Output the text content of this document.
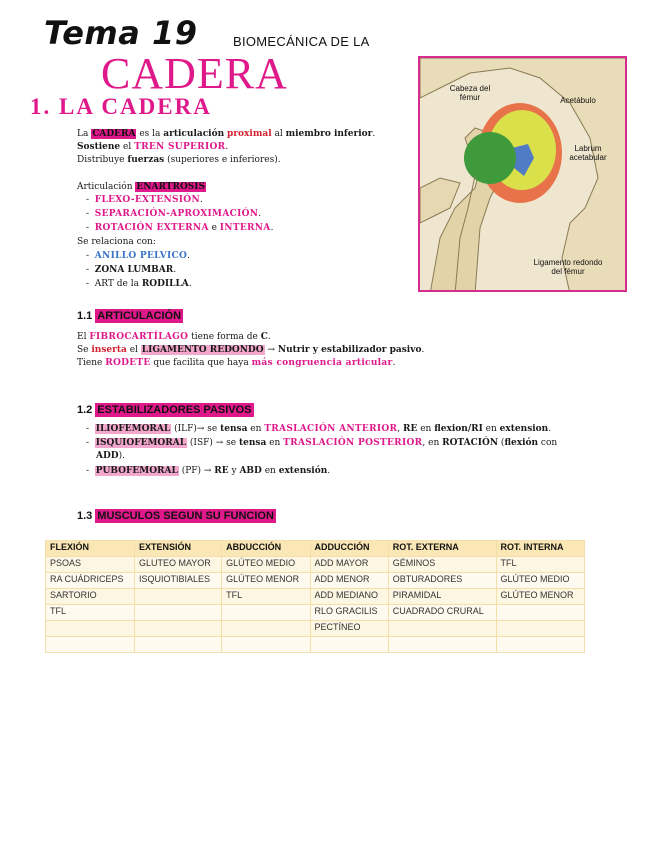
Tema 19	BIOMECÁNICA DE LA
CADERA
1. LA CADERA
Cabeza del fémur	Acetábulo
Labrum acetabular
Ligamento redondo del fémur
La CADERA es la articulación proximal al miembro inferior.
Sostiene el TREN SUPERIOR.
Distribuye fuerzas (superiores e inferiores).
Articulación ENARTROSIS
-  FLEXO-EXTENSIÓN.
-  SEPARACIÓN-APROXIMACIÓN.
-  ROTACIÓN EXTERNA e INTERNA.
Se relaciona con:
-  ANILLO PELVICO.
-  ZONA LUMBAR.
-  ART de la RODILLA.
1.1 ARTICULACIÓN
El FIBROCARTÍLAGO tiene forma de C.
Se inserta el LIGAMENTO REDONDO → Nutrir y estabilizador pasivo.
Tiene RODETE que facilita que haya más congruencia articular.
1.2 ESTABILIZADORES PASIVOS
-  ILIOFEMORAL (ILF)→ se tensa en TRASLACIÓN ANTERIOR, RE en flexion/RI en extension.
-  ISQUIOFEMORAL (ISF) → se tensa en TRASLACIÓN POSTERIOR, en ROTACIÓN (flexión con
ADD).
-  PUBOFEMORAL (PF) → RE y ABD en extensión.
1.3 MUSCULOS SEGUN SU FUNCION
FLEXIÓN	EXTENSIÓN	ABDUCCIÓN	ADDUCCIÓN	ROT. EXTERNA	ROT. INTERNA
PSOAS	GLUTEO MAYOR	GLÚTEO MEDIO	ADD MAYOR	GÉMINOS	TFL
RA CUÁDRICEPS	ISQUIOTIBIALES	GLÚTEO MENOR	ADD MENOR	OBTURADORES	GLÚTEO MEDIO
SARTORIO		TFL	ADD MEDIANO	PIRAMIDAL	GLÚTEO MENOR
TFL			RLO GRACILIS	CUADRADO CRURAL	
			PECTÍNEO		
